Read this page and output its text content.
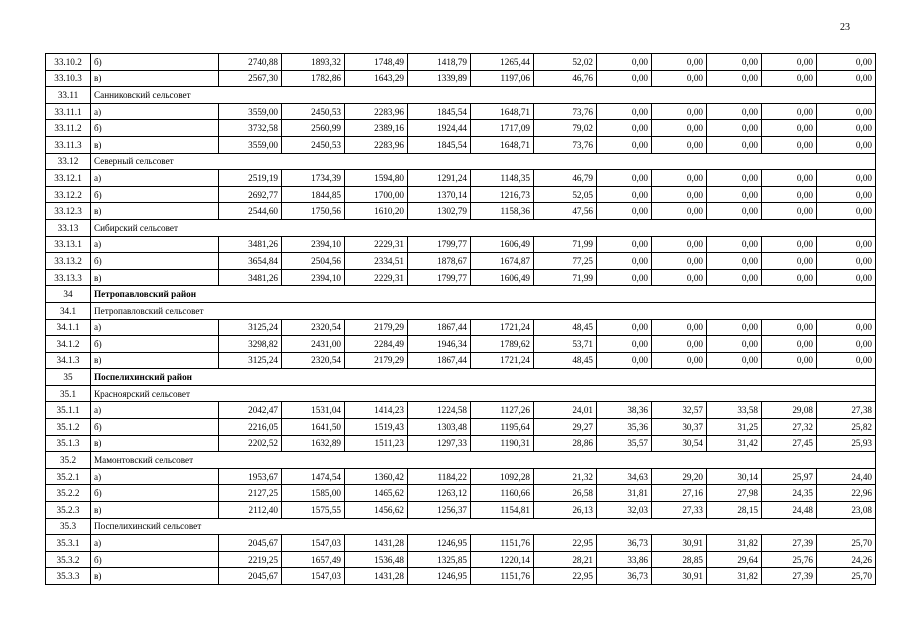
23
33.10.2	б)	2740,88	1893,32	1748,49	1418,79	1265,44	52,02	0,00	0,00	0,00	0,00	0,00
33.10.3	в)	2567,30	1782,86	1643,29	1339,89	1197,06	46,76	0,00	0,00	0,00	0,00	0,00
33.11	Санниковский сельсовет											
33.11.1	а)	3559,00	2450,53	2283,96	1845,54	1648,71	73,76	0,00	0,00	0,00	0,00	0,00
33.11.2	б)	3732,58	2560,99	2389,16	1924,44	1717,09	79,02	0,00	0,00	0,00	0,00	0,00
33.11.3	в)	3559,00	2450,53	2283,96	1845,54	1648,71	73,76	0,00	0,00	0,00	0,00	0,00
33.12	Северный сельсовет											
33.12.1	а)	2519,19	1734,39	1594,80	1291,24	1148,35	46,79	0,00	0,00	0,00	0,00	0,00
33.12.2	б)	2692,77	1844,85	1700,00	1370,14	1216,73	52,05	0,00	0,00	0,00	0,00	0,00
33.12.3	в)	2544,60	1750,56	1610,20	1302,79	1158,36	47,56	0,00	0,00	0,00	0,00	0,00
33.13	Сибирский сельсовет											
33.13.1	а)	3481,26	2394,10	2229,31	1799,77	1606,49	71,99	0,00	0,00	0,00	0,00	0,00
33.13.2	б)	3654,84	2504,56	2334,51	1878,67	1674,87	77,25	0,00	0,00	0,00	0,00	0,00
33.13.3	в)	3481,26	2394,10	2229,31	1799,77	1606,49	71,99	0,00	0,00	0,00	0,00	0,00
34	Петропавловский район											
34.1	Петропавловский сельсовет											
34.1.1	а)	3125,24	2320,54	2179,29	1867,44	1721,24	48,45	0,00	0,00	0,00	0,00	0,00
34.1.2	б)	3298,82	2431,00	2284,49	1946,34	1789,62	53,71	0,00	0,00	0,00	0,00	0,00
34.1.3	в)	3125,24	2320,54	2179,29	1867,44	1721,24	48,45	0,00	0,00	0,00	0,00	0,00
35	Поспелихинский район											
35.1	Краснoярский сельсовет											
35.1.1	а)	2042,47	1531,04	1414,23	1224,58	1127,26	24,01	38,36	32,57	33,58	29,08	27,38
35.1.2	б)	2216,05	1641,50	1519,43	1303,48	1195,64	29,27	35,36	30,37	31,25	27,32	25,82
35.1.3	в)	2202,52	1632,89	1511,23	1297,33	1190,31	28,86	35,57	30,54	31,42	27,45	25,93
35.2	Мамонтовский сельсовет											
35.2.1	а)	1953,67	1474,54	1360,42	1184,22	1092,28	21,32	34,63	29,20	30,14	25,97	24,40
35.2.2	б)	2127,25	1585,00	1465,62	1263,12	1160,66	26,58	31,81	27,16	27,98	24,35	22,96
35.2.3	в)	2112,40	1575,55	1456,62	1256,37	1154,81	26,13	32,03	27,33	28,15	24,48	23,08
35.3	Поспелихинский сельсовет											
35.3.1	а)	2045,67	1547,03	1431,28	1246,95	1151,76	22,95	36,73	30,91	31,82	27,39	25,70
35.3.2	б)	2219,25	1657,49	1536,48	1325,85	1220,14	28,21	33,86	28,85	29,64	25,76	24,26
35.3.3	в)	2045,67	1547,03	1431,28	1246,95	1151,76	22,95	36,73	30,91	31,82	27,39	25,70
